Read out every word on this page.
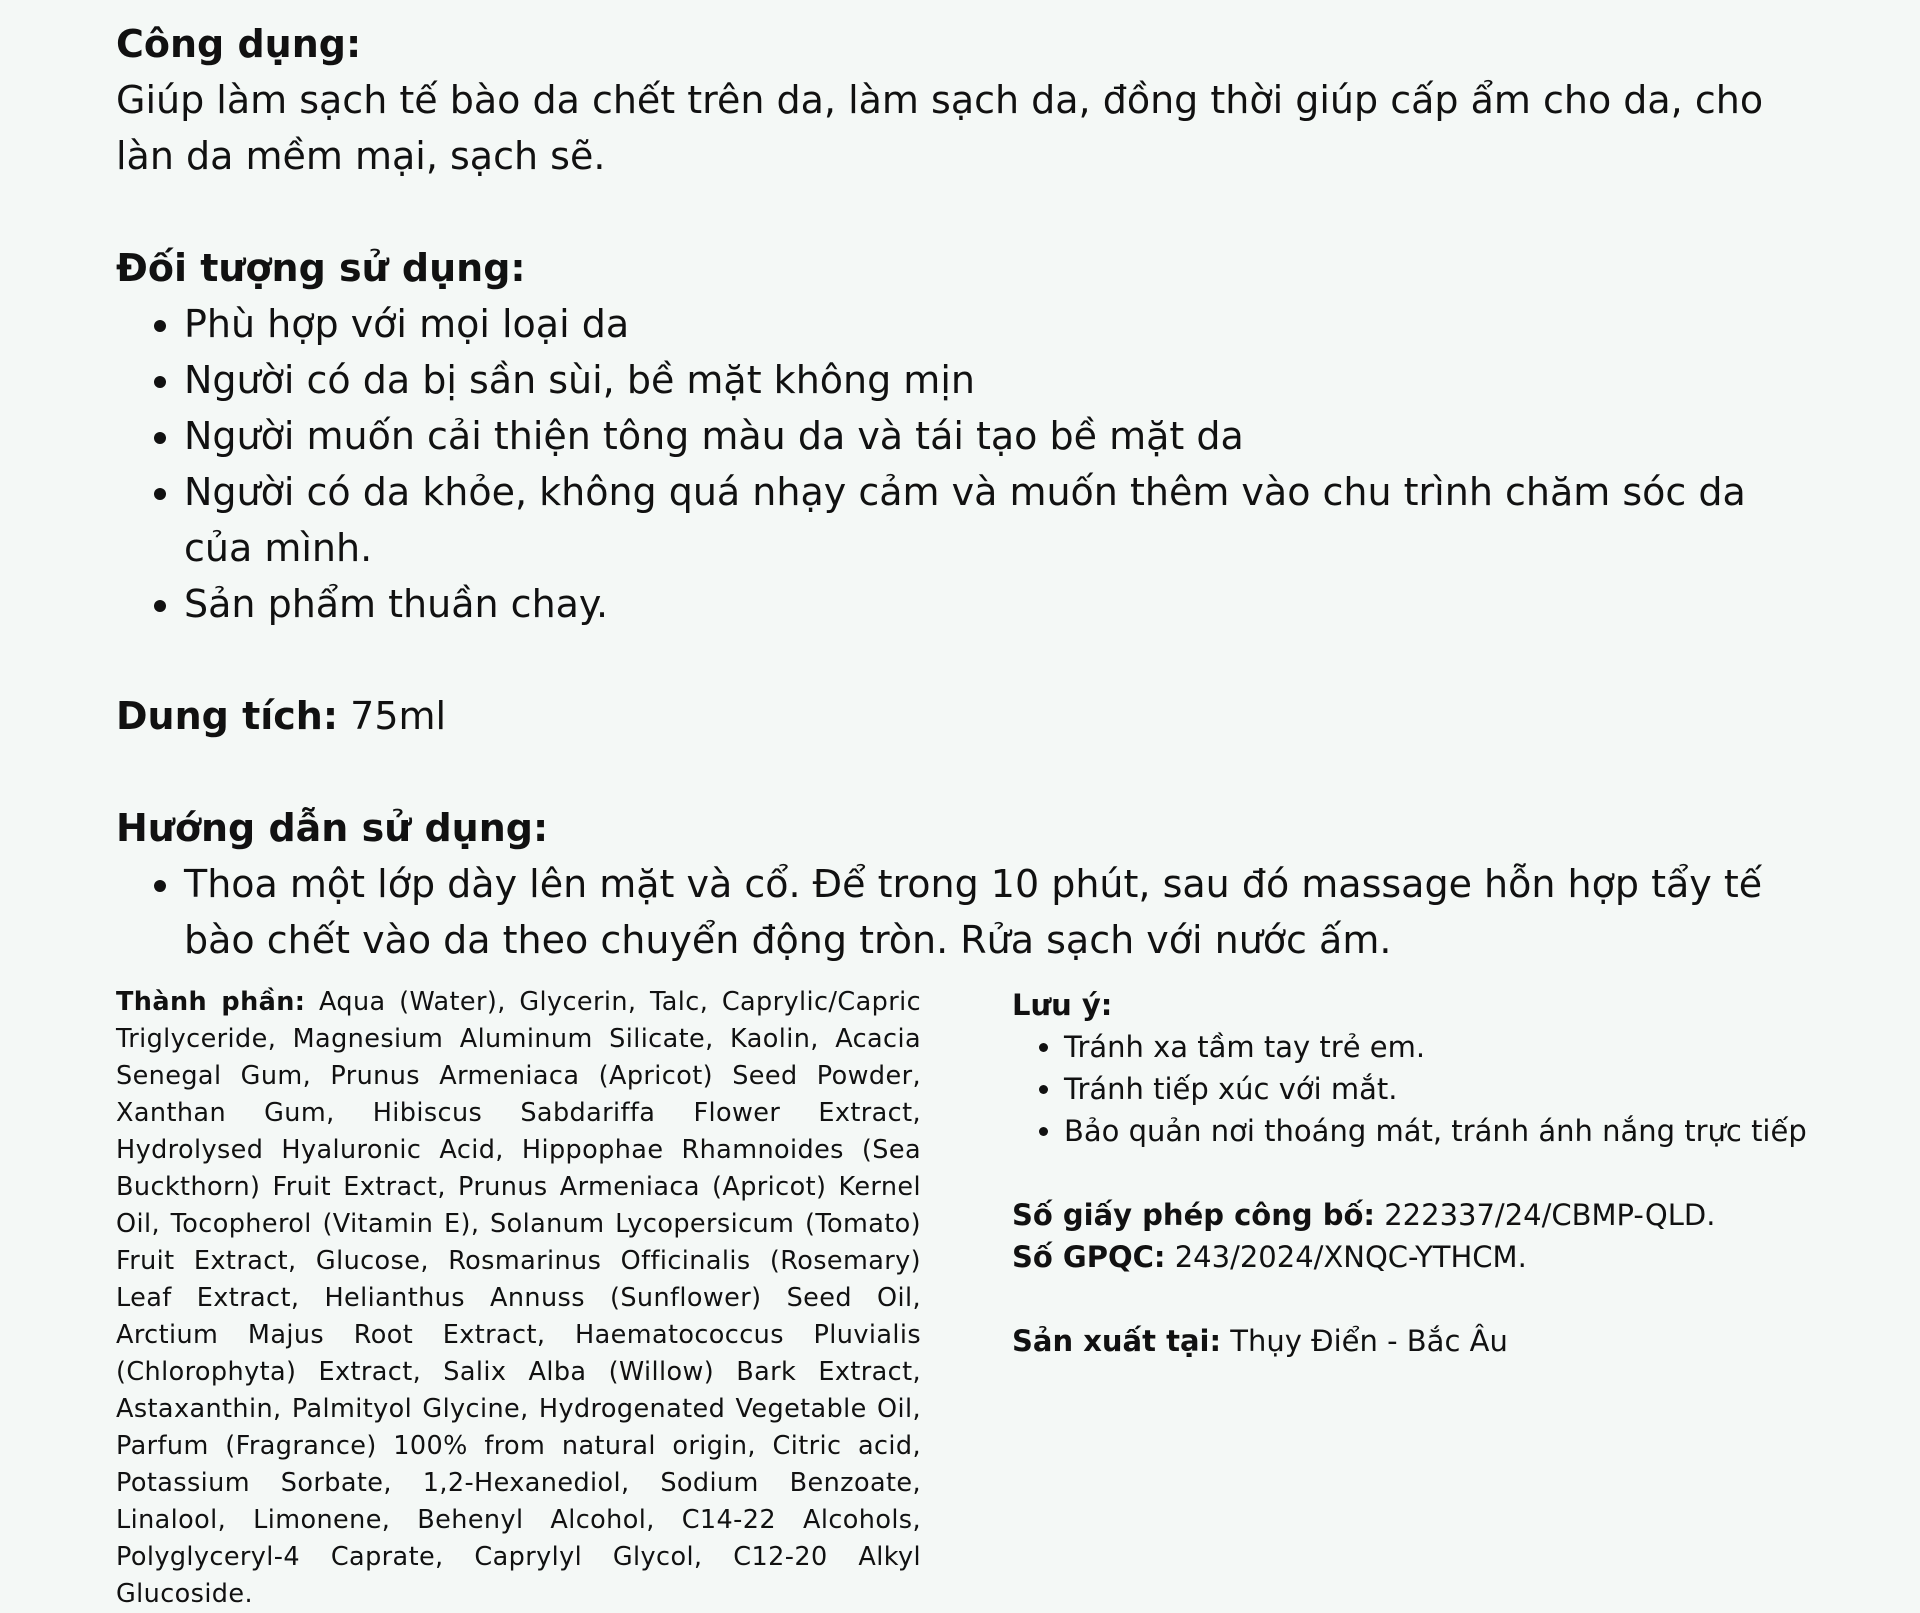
Công dụng:

Giúp làm sạch tế bào da chết trên da, làm sạch da, đồng thời giúp cấp ẩm cho da, cho làn da mềm mại, sạch sẽ.

Đối tượng sử dụng:

• Phù hợp với mọi loại da
• Người có da bị sần sùi, bề mặt không mịn
• Người muốn cải thiện tông màu da và tái tạo bề mặt da
• Người có da khỏe, không quá nhạy cảm và muốn thêm vào chu trình chăm sóc da của mình.
• Sản phẩm thuần chay.

Dung tích: 75ml

Hướng dẫn sử dụng:

• Thoa một lớp dày lên mặt và cổ. Để trong 10 phút, sau đó massage hỗn hợp tẩy tế bào chết vào da theo chuyển động tròn. Rửa sạch với nước ấm.
Thành phần: Aqua (Water), Glycerin, Talc, Caprylic/Capric Triglyceride, Magnesium Aluminum Silicate, Kaolin, Acacia Senegal Gum, Prunus Armeniaca (Apricot) Seed Powder, Xanthan Gum, Hibiscus Sabdariffa Flower Extract, Hydrolysed Hyaluronic Acid, Hippophae Rhamnoides (Sea Buckthorn) Fruit Extract, Prunus Armeniaca (Apricot) Kernel Oil, Tocopherol (Vitamin E), Solanum Lycopersicum (Tomato) Fruit Extract, Glucose, Rosmarinus Officinalis (Rosemary) Leaf Extract, Helianthus Annuss (Sunflower) Seed Oil, Arctium Majus Root Extract, Haematococcus Pluvialis (Chlorophyta) Extract, Salix Alba (Willow) Bark Extract, Astaxanthin, Palmityol Glycine, Hydrogenated Vegetable Oil, Parfum (Fragrance) 100% from natural origin, Citric acid, Potassium Sorbate, 1,2-Hexanediol, Sodium Benzoate, Linalool, Limonene, Behenyl Alcohol, C14-22 Alcohols, Polyglyceryl-4 Caprate, Caprylyl Glycol, C12-20 Alkyl Glucoside.

Lưu ý:

• Tránh xa tầm tay trẻ em.
• Tránh tiếp xúc với mắt.
• Bảo quản nơi thoáng mát, tránh ánh nắng trực tiếp

Số giấy phép công bố: 222337/24/CBMP-QLD.

Số GPQC: 243/2024/XNQC-YTHCM.

Sản xuất tại: Thụy Điển - Bắc Âu
